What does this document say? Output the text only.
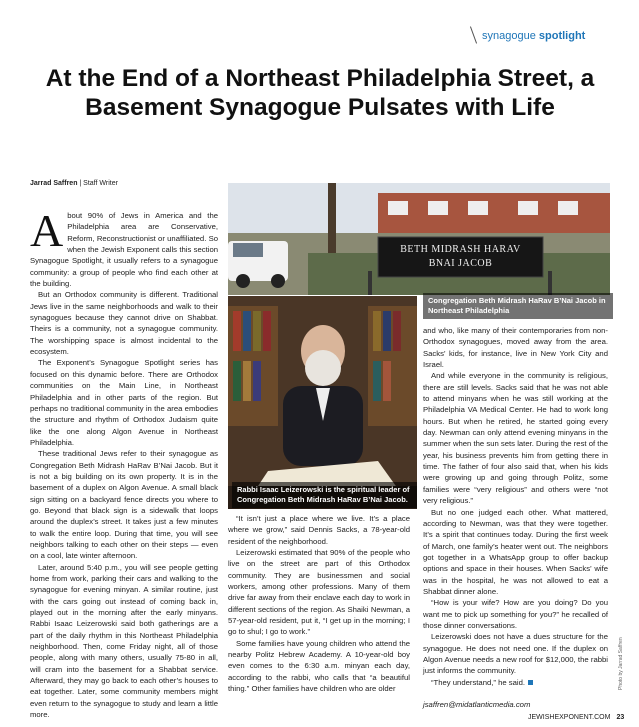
synagogue spotlight
At the End of a Northeast Philadelphia Street, a Basement Synagogue Pulsates with Life
Jarrad Saffren | Staff Writer

About 90% of Jews in America and the Philadelphia area are Conservative, Reform, Reconstructionist or unaffiliated. So when the Jewish Exponent calls this section Synagogue Spotlight, it usually refers to a synagogue community: a group of people who find each other at the building.

But an Orthodox community is different. Traditional Jews live in the same neighborhoods and walk to their synagogues because they cannot drive on Shabbat. Theirs is a community, not a synagogue community. The worshipping space is almost incidental to the ecosystem.

The Exponent’s Synagogue Spotlight series has focused on this dynamic before. There are Orthodox communities on the Main Line, in Northeast Philadelphia and in other parts of the region. But perhaps no traditional community in the area embodies the structure and rhythm of Orthodox Judaism quite like the one along Algon Avenue in Northeast Philadelphia.

These traditional Jews refer to their synagogue as Congregation Beth Midrash HaRav B’Nai Jacob. But it is not a big building on its own property. It is in the basement of a duplex on Algon Avenue. A small black sign sitting on a backyard fence directs you where to go. Beyond that black sign is a sidewalk that loops around the duplex’s street. It takes just a few minutes to walk the entire loop. During that time, you will see neighbors talking to each other on their steps — even on a cool, late winter afternoon.

Later, around 5:40 p.m., you will see people getting home from work, parking their cars and walking to the synagogue for evening minyan. A similar routine, just with the cars going out instead of coming back in, played out in the morning after the early minyans. Rabbi Isaac Leizerowski said both gatherings are a part of the daily rhythm in this Northeast Philadelphia neighborhood. Then, come Friday night, all of those people, along with many others, usually 75-80 in all, will cram into the basement for a Shabbat service. Afterward, they may go back to each other’s houses to eat together. Later, some community members might even return to the synagogue to study and learn a little more.

BETH MIDRASH HARAV
BNAI JACOB
Congregation Beth Midrash HaRav B’Nai Jacob in Northeast Philadelphia
Rabbi Isaac Leizerowski is the spiritual leader of Congregation Beth Midrash HaRav B’Nai Jacob.

“It isn’t just a place where we live. It’s a place where we grow,” said Dennis Sacks, a 78-year-old resident of the neighborhood.

Leizerowski estimated that 90% of the people who live on the street are part of this Orthodox community. They are businessmen and social workers, among other professions. Many of them drive far away from their enclave each day to work in different sections of the region. As Shaiki Newman, a 57-year-old resident, put it, “I get up in the morning; I go to shul; I go to work.”

Some families have young children who attend the nearby Politz Hebrew Academy. A 10-year-old boy even comes to the 6:30 a.m. minyan each day, according to the rabbi, who calls that “a beautiful thing.” Other families have children who are older

and who, like many of their contemporaries from non-Orthodox synagogues, moved away from the area. Sacks’ kids, for instance, live in New York City and Israel.

And while everyone in the community is religious, there are still levels. Sacks said that he was not able to attend minyans when he was still working at the Philadelphia VA Medical Center. He had to work long hours. But when he retired, he started going every day. Newman can only attend evening minyans in the summer when the sun sets later. During the rest of the year, his business prevents him from getting there in time. The father of four also said that, when his kids were growing up and going through Politz, some families were “very religious” and others were “not very religious.”

But no one judged each other. What mattered, according to Newman, was that they were together. It’s a spirit that continues today. During the first week of March, one family’s heater went out. The neighbors got together in a WhatsApp group to offer backup options and space in their houses. When Sacks’ wife was in the hospital, he was not allowed to eat a Shabbat dinner alone.

“How is your wife? How are you doing? Do you want me to pick up something for you?” he recalled of those dinner conversations.

Leizerowski does not have a dues structure for the synagogue. He does not need one. If the duplex on Algon Avenue needs a new roof for $12,000, the rabbi just informs the community.

“They understand,” he said.

jsaffren@midatlanticmedia.com
Photo by Jarrad Saffren
JEWISHEXPONENT.COM 23
